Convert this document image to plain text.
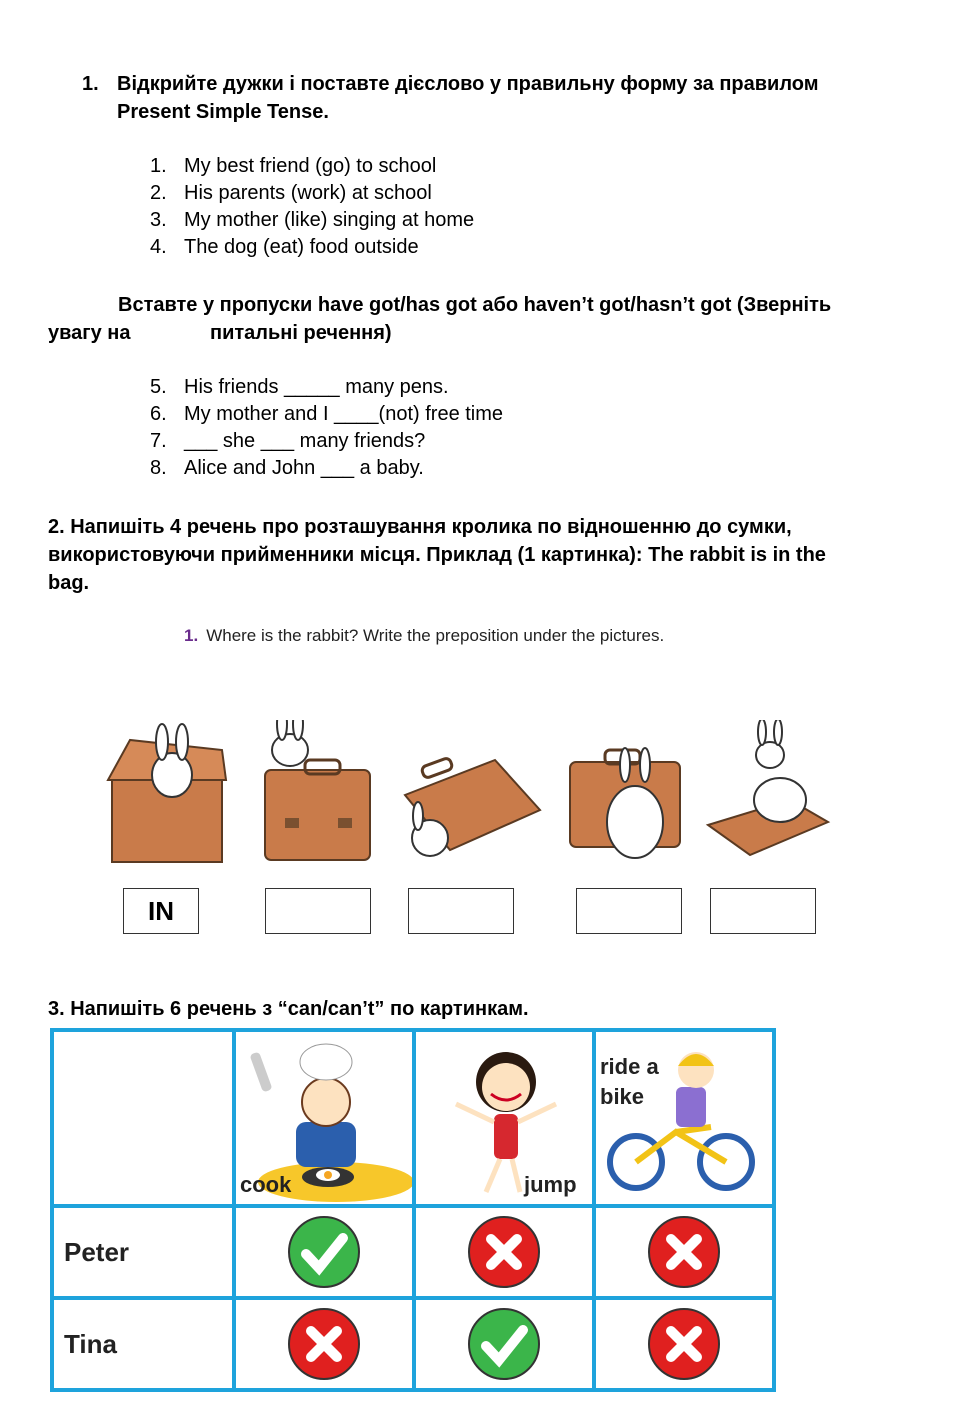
1. Відкрийте дужки і поставте дієслово у правильну форму за правилом
Present Simple Tense.
1. My best friend (go) to school
2. His parents (work) at school
3. My mother (like) singing at home
4. The dog (eat) food outside
Вставте у пропуски have got/has got або haven’t got/hasn’t got (Зверніть
увагу на	питальні речення)
5. His friends _____ many pens.
6. My mother and I ____(not) free time
7. ___ she ___ many friends?
8. Alice and John ___ a baby.
2. Напишіть 4 речень про розташування кролика по відношенню до сумки,
використовуючи прийменники місця. Приклад (1 картинка): The rabbit is in the
bag.
1. Where is the rabbit? Write the preposition under the pictures.
IN
3. Напишіть 6 речень з “can/can’t” по картинкам.
cook	jump
ride a
bike
Peter
Tina
